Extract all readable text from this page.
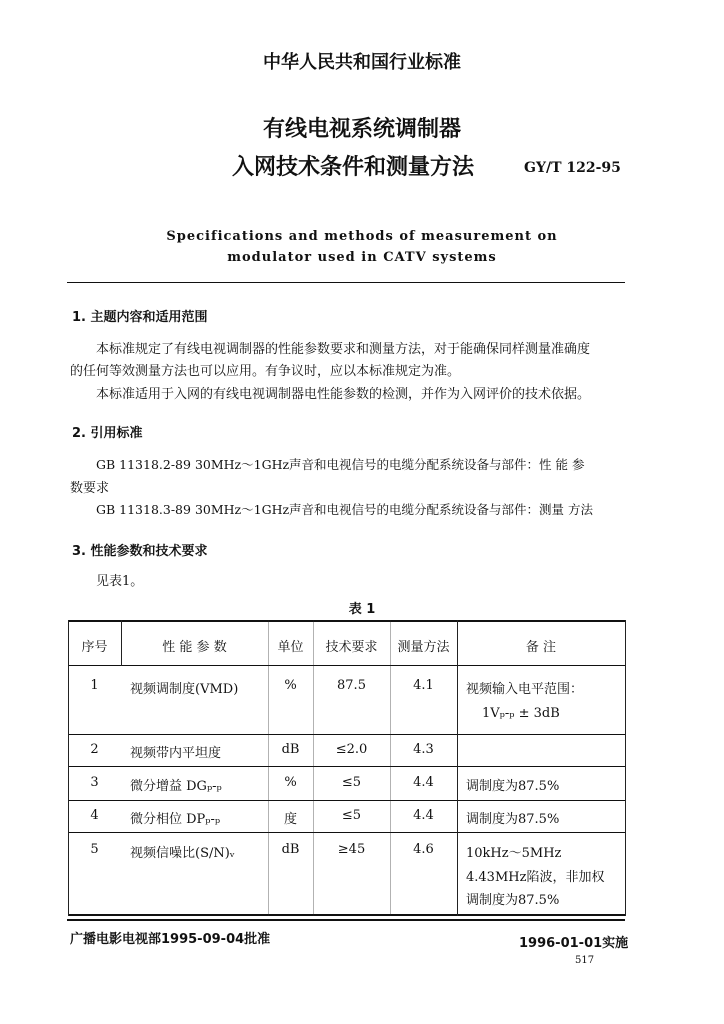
中华人民共和国行业标准
有线电视系统调制器
入网技术条件和测量方法	GY/T 122-95
Specifications and methods of measurement on
modulator used in CATV systems
1. 主题内容和适用范围
本标准规定了有线电视调制器的性能参数要求和测量方法，对于能确保同样测量准确度
的任何等效测量方法也可以应用。有争议时，应以本标准规定为准。
本标准适用于入网的有线电视调制器电性能参数的检测，并作为入网评价的技术依据。
2. 引用标准
GB 11318.2-89 30MHz～1GHz声音和电视信号的电缆分配系统设备与部件：性 能 参
数要求
GB 11318.3-89 30MHz～1GHz声音和电视信号的电缆分配系统设备与部件：测量 方法
3. 性能参数和技术要求
见表1。
表 1
序号	性 能 参 数	单位	技术要求	测量方法	备 注
1	视频调制度(VMD)	%	87.5	4.1	视频输入电平范围：
1Vₚ-ₚ ± 3dB
2	视频带内平坦度	dB	≤2.0	4.3
3	微分增益 DGₚ-ₚ	%	≤5	4.4	调制度为87.5%
4	微分相位 DPₚ-ₚ	度	≤5	4.4	调制度为87.5%
5	视频信噪比(S/N)ᵥ	dB	≥45	4.6	10kHz～5MHz
4.43MHz陷波，非加权
调制度为87.5%
广播电影电视部1995-09-04批准	1996-01-01实施
517
